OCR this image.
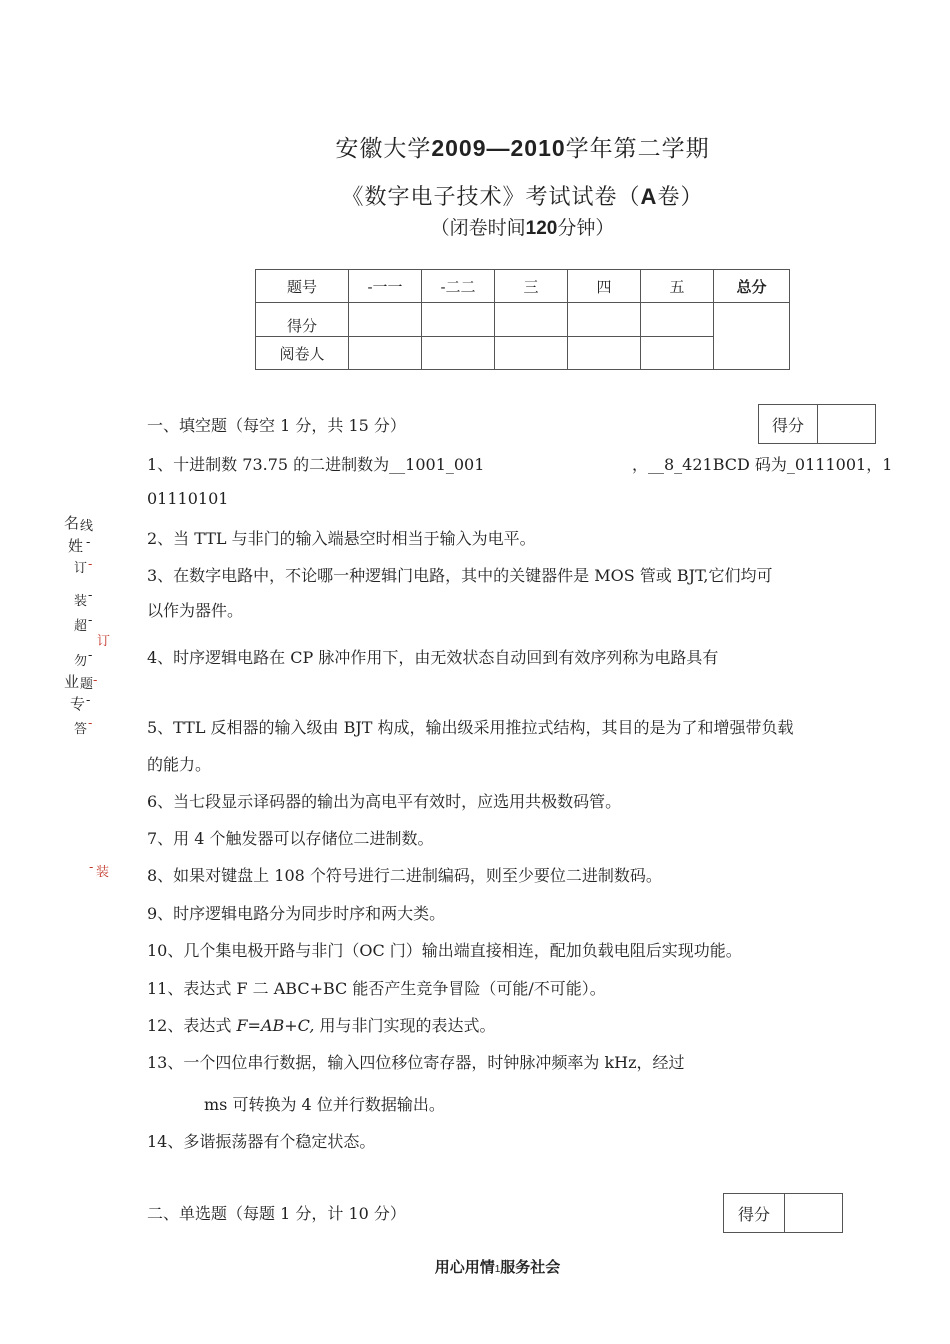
安徽大学2009—2010学年第二学期
《数字电子技术》考试试卷（A卷）
（闭卷时间120分钟）
题号	-一一	-二二	三	四	五	总分
得分						
阅卷人						
一、填空题（每空 1 分，共 15 分）	得分
1、十进制数 73.75 的二进制数为__1001_001	，__8_421BCD 码为_0111001，1
01110101
2、当 TTL 与非门的输入端悬空时相当于输入为电平。
3、在数字电路中，不论哪一种逻辑门电路，其中的关键器件是 MOS 管或 BJT,它们均可
以作为器件。
4、时序逻辑电路在 CP 脉冲作用下，由无效状态自动回到有效序列称为电路具有
5、TTL 反相器的输入级由 BJT 构成，输出级采用推拉式结构，其目的是为了和增强带负载
的能力。
6、当七段显示译码器的输出为高电平有效时，应选用共极数码管。
7、用 4 个触发器可以存储位二进制数。
8、如果对键盘上 108 个符号进行二进制编码，则至少要位二进制数码。
9、时序逻辑电路分为同步时序和两大类。
10、几个集电极开路与非门（OC 门）输出端直接相连，配加负载电阻后实现功能。
11、表达式 F 二 ABC+BC 能否产生竞争冒险（可能/不可能）。
12、表达式 F=AB+C, 用与非门实现的表达式。
13、一个四位串行数据，输入四位移位寄存器，时钟脉冲频率为 kHz，经过
ms 可转换为 4 位并行数据输出。
14、多谐振荡器有个稳定状态。
二、单选题（每题 1 分，计 10 分）	得分
名 线
姓 -
订 -
装 -
超 -
订
勿 -
业 题 -
专 -
答 -
- 装
用心用情1服务社会
